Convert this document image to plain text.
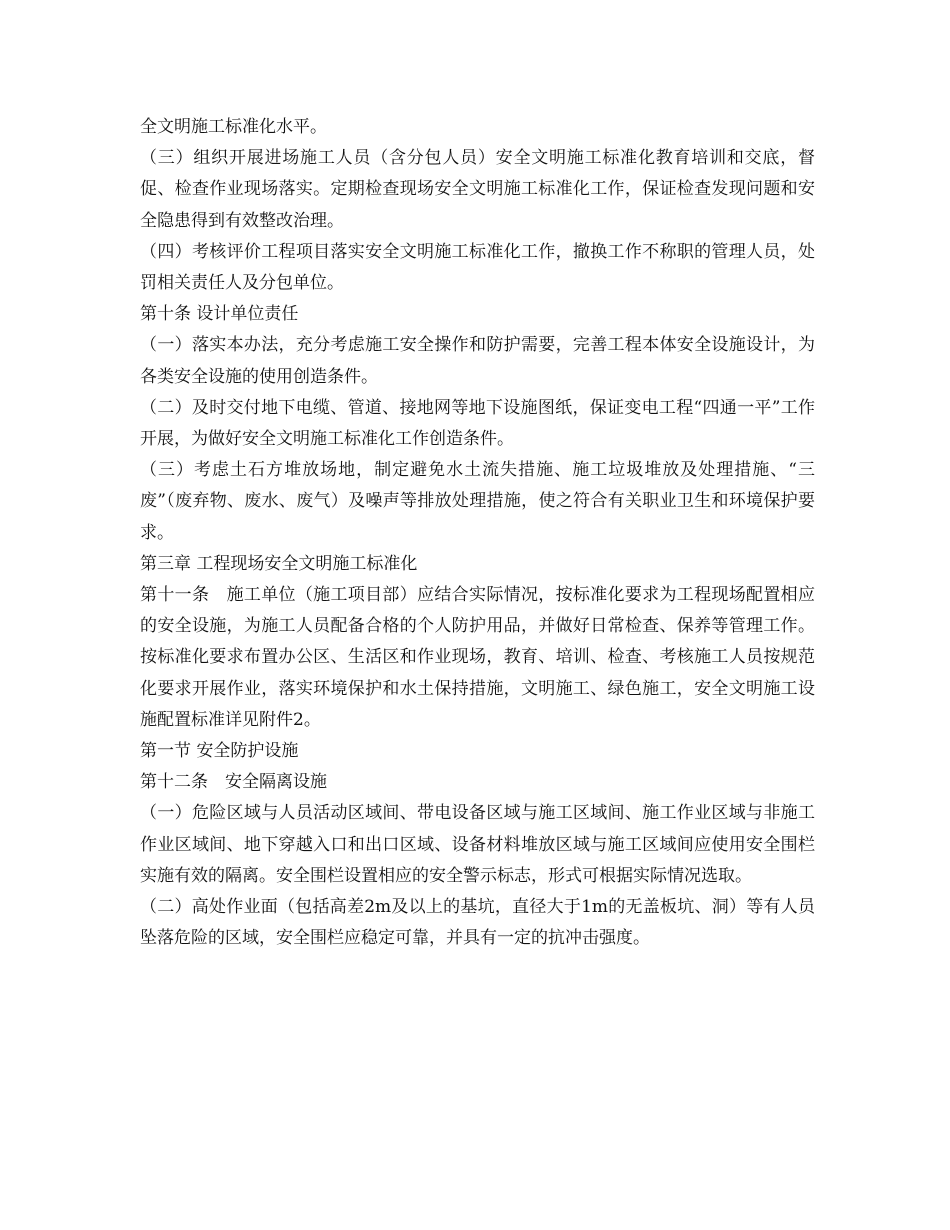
全文明施工标准化水平。

（三）组织开展进场施工人员（含分包人员）安全文明施工标准化教育培训和交底，督促、检查作业现场落实。定期检查现场安全文明施工标准化工作，保证检查发现问题和安全隐患得到有效整改治理。

（四）考核评价工程项目落实安全文明施工标准化工作，撤换工作不称职的管理人员，处罚相关责任人及分包单位。

第十条 设计单位责任

（一）落实本办法，充分考虑施工安全操作和防护需要，完善工程本体安全设施设计，为各类安全设施的使用创造条件。

（二）及时交付地下电缆、管道、接地网等地下设施图纸，保证变电工程“四通一平”工作开展，为做好安全文明施工标准化工作创造条件。

（三）考虑土石方堆放场地，制定避免水土流失措施、施工垃圾堆放及处理措施、“三废”（废弃物、废水、废气）及噪声等排放处理措施，使之符合有关职业卫生和环境保护要求。

第三章 工程现场安全文明施工标准化

第十一条　施工单位（施工项目部）应结合实际情况，按标准化要求为工程现场配置相应的安全设施，为施工人员配备合格的个人防护用品，并做好日常检查、保养等管理工作。按标准化要求布置办公区、生活区和作业现场，教育、培训、检查、考核施工人员按规范化要求开展作业，落实环境保护和水土保持措施，文明施工、绿色施工，安全文明施工设施配置标准详见附件2。

第一节 安全防护设施

第十二条　安全隔离设施

（一）危险区域与人员活动区域间、带电设备区域与施工区域间、施工作业区域与非施工作业区域间、地下穿越入口和出口区域、设备材料堆放区域与施工区域间应使用安全围栏实施有效的隔离。安全围栏设置相应的安全警示标志，形式可根据实际情况选取。

（二）高处作业面（包括高差2m及以上的基坑，直径大于1m的无盖板坑、洞）等有人员坠落危险的区域，安全围栏应稳定可靠，并具有一定的抗冲击强度。
